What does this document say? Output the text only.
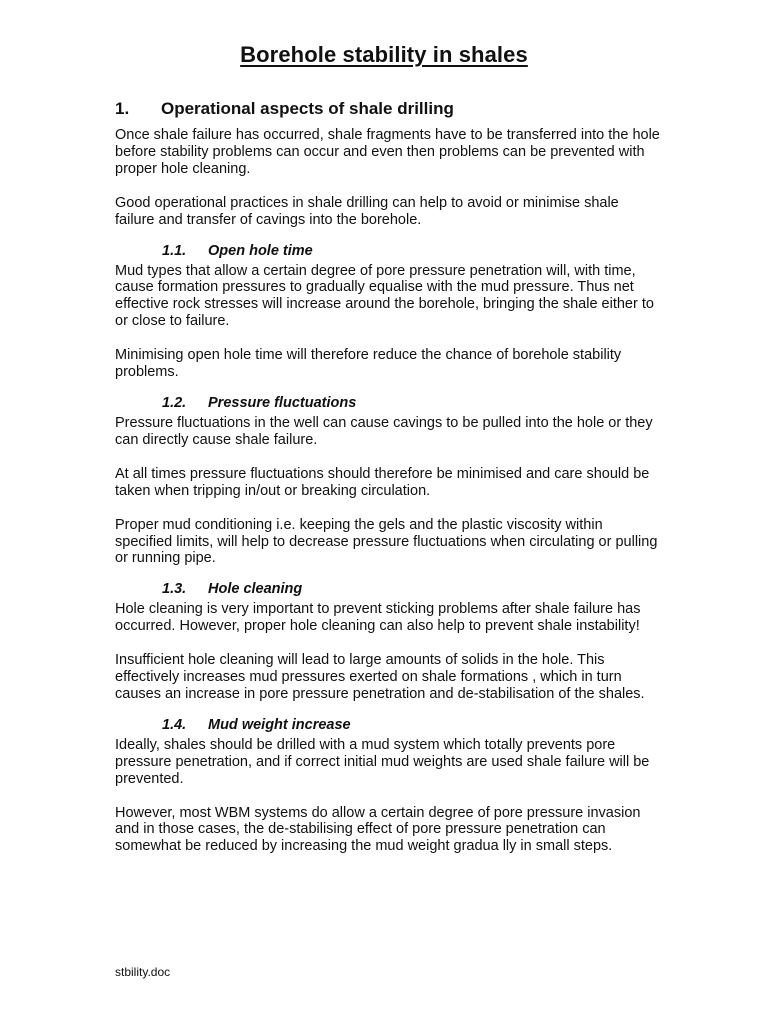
Borehole stability in shales
1.	Operational aspects of shale drilling

Once shale failure has occurred, shale fragments have to be transferred into the hole before stability problems can occur and even then problems can be prevented with proper hole cleaning.

Good operational practices in shale drilling can help to avoid or minimise shale failure and transfer of cavings into the borehole.

1.1.	Open hole time

Mud types that allow a certain degree of pore pressure penetration will, with time, cause formation pressures to gradually equalise with the mud pressure. Thus net effective rock stresses will increase around the borehole, bringing the shale either to or close to failure.

Minimising open hole time will therefore reduce the chance of borehole stability problems.

1.2.	Pressure fluctuations

Pressure fluctuations in the well can cause cavings to be pulled into the hole or they can directly cause shale failure.

At all times pressure fluctuations should therefore be minimised and care should be taken when tripping in/out or breaking circulation.

Proper mud conditioning i.e. keeping the gels and the plastic viscosity within specified limits, will help to decrease pressure fluctuations when circulating or pulling or running pipe.

1.3.	Hole cleaning

Hole cleaning is very important to prevent sticking problems after shale failure has occurred. However, proper hole cleaning can also help to prevent shale instability!

Insufficient hole cleaning will lead to large amounts of solids in the hole. This effectively increases mud pressures exerted on shale formations , which in turn causes an increase in pore pressure penetration and de-stabilisation of the shales.

1.4.	Mud weight increase

Ideally, shales should be drilled with a mud system which totally prevents pore pressure penetration, and if correct initial mud weights are used shale failure will be prevented.

However, most WBM systems do allow a certain degree of pore pressure invasion and in those cases, the de-stabilising effect of pore pressure penetration can somewhat be reduced by increasing the mud weight gradua lly in small steps.

stbility.doc
